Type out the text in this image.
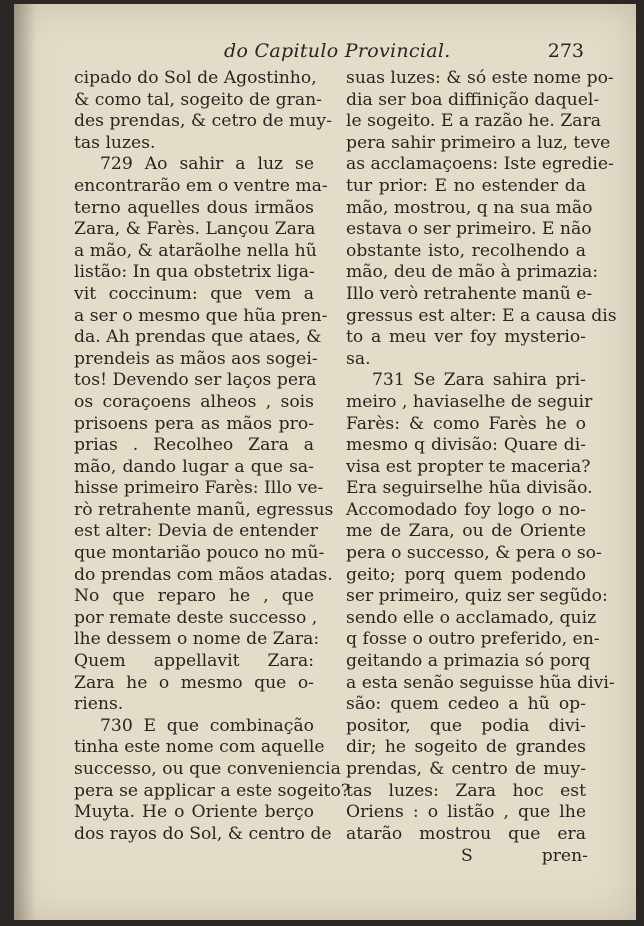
do Capitulo Provincial.	273
cipado do Sol de Agostinho,
& como tal, sogeito de gran-
des prendas, & cetro de muy-
tas luzes.
729 Ao sahir a luz se
encontrarão em o ventre ma-
terno aquelles dous irmãos
Zara, & Farès. Lançou Zara
a mão, & atarãolhe nella hũ
listão: In qua obstetrix liga-
vit coccinum: que vem a
a ser o mesmo que hũa pren-
da. Ah prendas que ataes, &
prendeis as mãos aos sogei-
tos! Devendo ser laços pera
os coraçoens alheos , sois
prisoens pera as mãos pro-
prias . Recolheo Zara a
mão, dando lugar a que sa-
hisse primeiro Farès: Illo ve-
rò retrahente manũ, egressus
est alter: Devia de entender
que montarião pouco no mũ-
do prendas com mãos atadas.
No que reparo he , que
por remate deste successo ,
lhe dessem o nome de Zara:
Quem appellavit Zara:
Zara he o mesmo que o-
riens.
730 E que combinação
tinha este nome com aquelle
successo, ou que conveniencia
pera se applicar a este sogeito?
Muyta. He o Oriente berço
dos rayos do Sol, & centro de
suas luzes: & só este nome po-
dia ser boa diffinição daquel-
le sogeito. E a razão he. Zara
pera sahir primeiro a luz, teve
as acclamaçoens: Iste egredie-
tur prior: E no estender da
mão, mostrou, q na sua mão
estava o ser primeiro. E não
obstante isto, recolhendo a
mão, deu de mão à primazia:
Illo verò retrahente manũ e-
gressus est alter: E a causa dis
to a meu ver foy mysterio-
sa.
731 Se Zara sahira pri-
meiro , haviaselhe de seguir
Farès: & como Farès he o
mesmo q divisão: Quare di-
visa est propter te maceria?
Era seguirselhe hũa divisão.
Accomodado foy logo o no-
me de Zara, ou de Oriente
pera o successo, & pera o so-
geito; porq quem podendo
ser primeiro, quiz ser segũdo:
sendo elle o acclamado, quiz
q fosse o outro preferido, en-
geitando a primazia só porq
a esta senão seguisse hũa divi-
são: quem cedeo a hũ op-
positor, que podia divi-
dir; he sogeito de grandes
prendas, & centro de muy-
tas luzes: Zara hoc est
Oriens : o listão , que lhe
atarão mostrou que era
S	pren-
